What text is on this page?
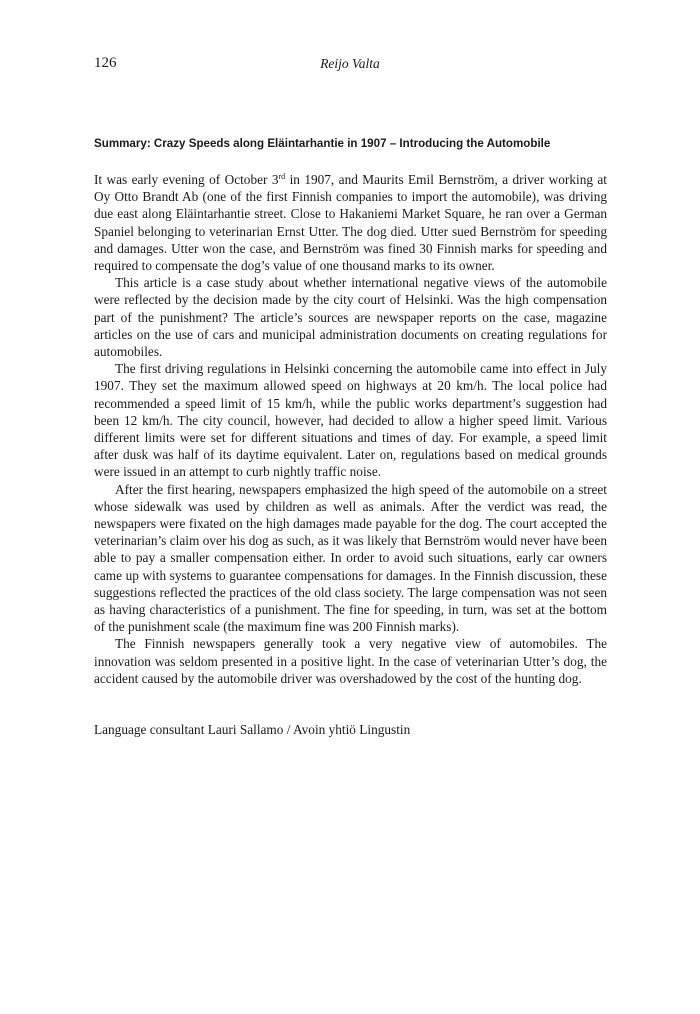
126	Reijo Valta
Summary: Crazy Speeds along Eläintarhantie in 1907 – Introducing the Automobile

It was early evening of October 3rd in 1907, and Maurits Emil Bernström, a driver working at Oy Otto Brandt Ab (one of the first Finnish companies to import the automobile), was driving due east along Eläintarhantie street. Close to Hakaniemi Market Square, he ran over a German Spaniel belonging to veterinarian Ernst Utter. The dog died. Utter sued Bernström for speeding and damages. Utter won the case, and Bernström was fined 30 Finnish marks for speeding and required to compensate the dog’s value of one thousand marks to its owner.

This article is a case study about whether international negative views of the automobile were reflected by the decision made by the city court of Helsinki. Was the high compensation part of the punishment? The article’s sources are newspaper reports on the case, magazine articles on the use of cars and municipal administration documents on creating regulations for automobiles.

The first driving regulations in Helsinki concerning the automobile came into effect in July 1907. They set the maximum allowed speed on highways at 20 km/h. The local police had recommended a speed limit of 15 km/h, while the public works department’s suggestion had been 12 km/h. The city council, however, had decided to allow a higher speed limit. Various different limits were set for different situations and times of day. For example, a speed limit after dusk was half of its daytime equivalent. Later on, regulations based on medical grounds were issued in an attempt to curb nightly traffic noise.

After the first hearing, newspapers emphasized the high speed of the automobile on a street whose sidewalk was used by children as well as animals. After the verdict was read, the newspapers were fixated on the high damages made payable for the dog. The court accepted the veterinarian’s claim over his dog as such, as it was likely that Bernström would never have been able to pay a smaller compensation either. In order to avoid such situations, early car owners came up with systems to guarantee compensations for damages. In the Finnish discussion, these suggestions reflected the practices of the old class society. The large compensation was not seen as having characteristics of a punishment. The fine for speeding, in turn, was set at the bottom of the punishment scale (the maximum fine was 200 Finnish marks).

The Finnish newspapers generally took a very negative view of automobiles. The innovation was seldom presented in a positive light. In the case of veterinarian Utter’s dog, the accident caused by the automobile driver was overshadowed by the cost of the hunting dog.

Language consultant Lauri Sallamo / Avoin yhtiö Lingustin
